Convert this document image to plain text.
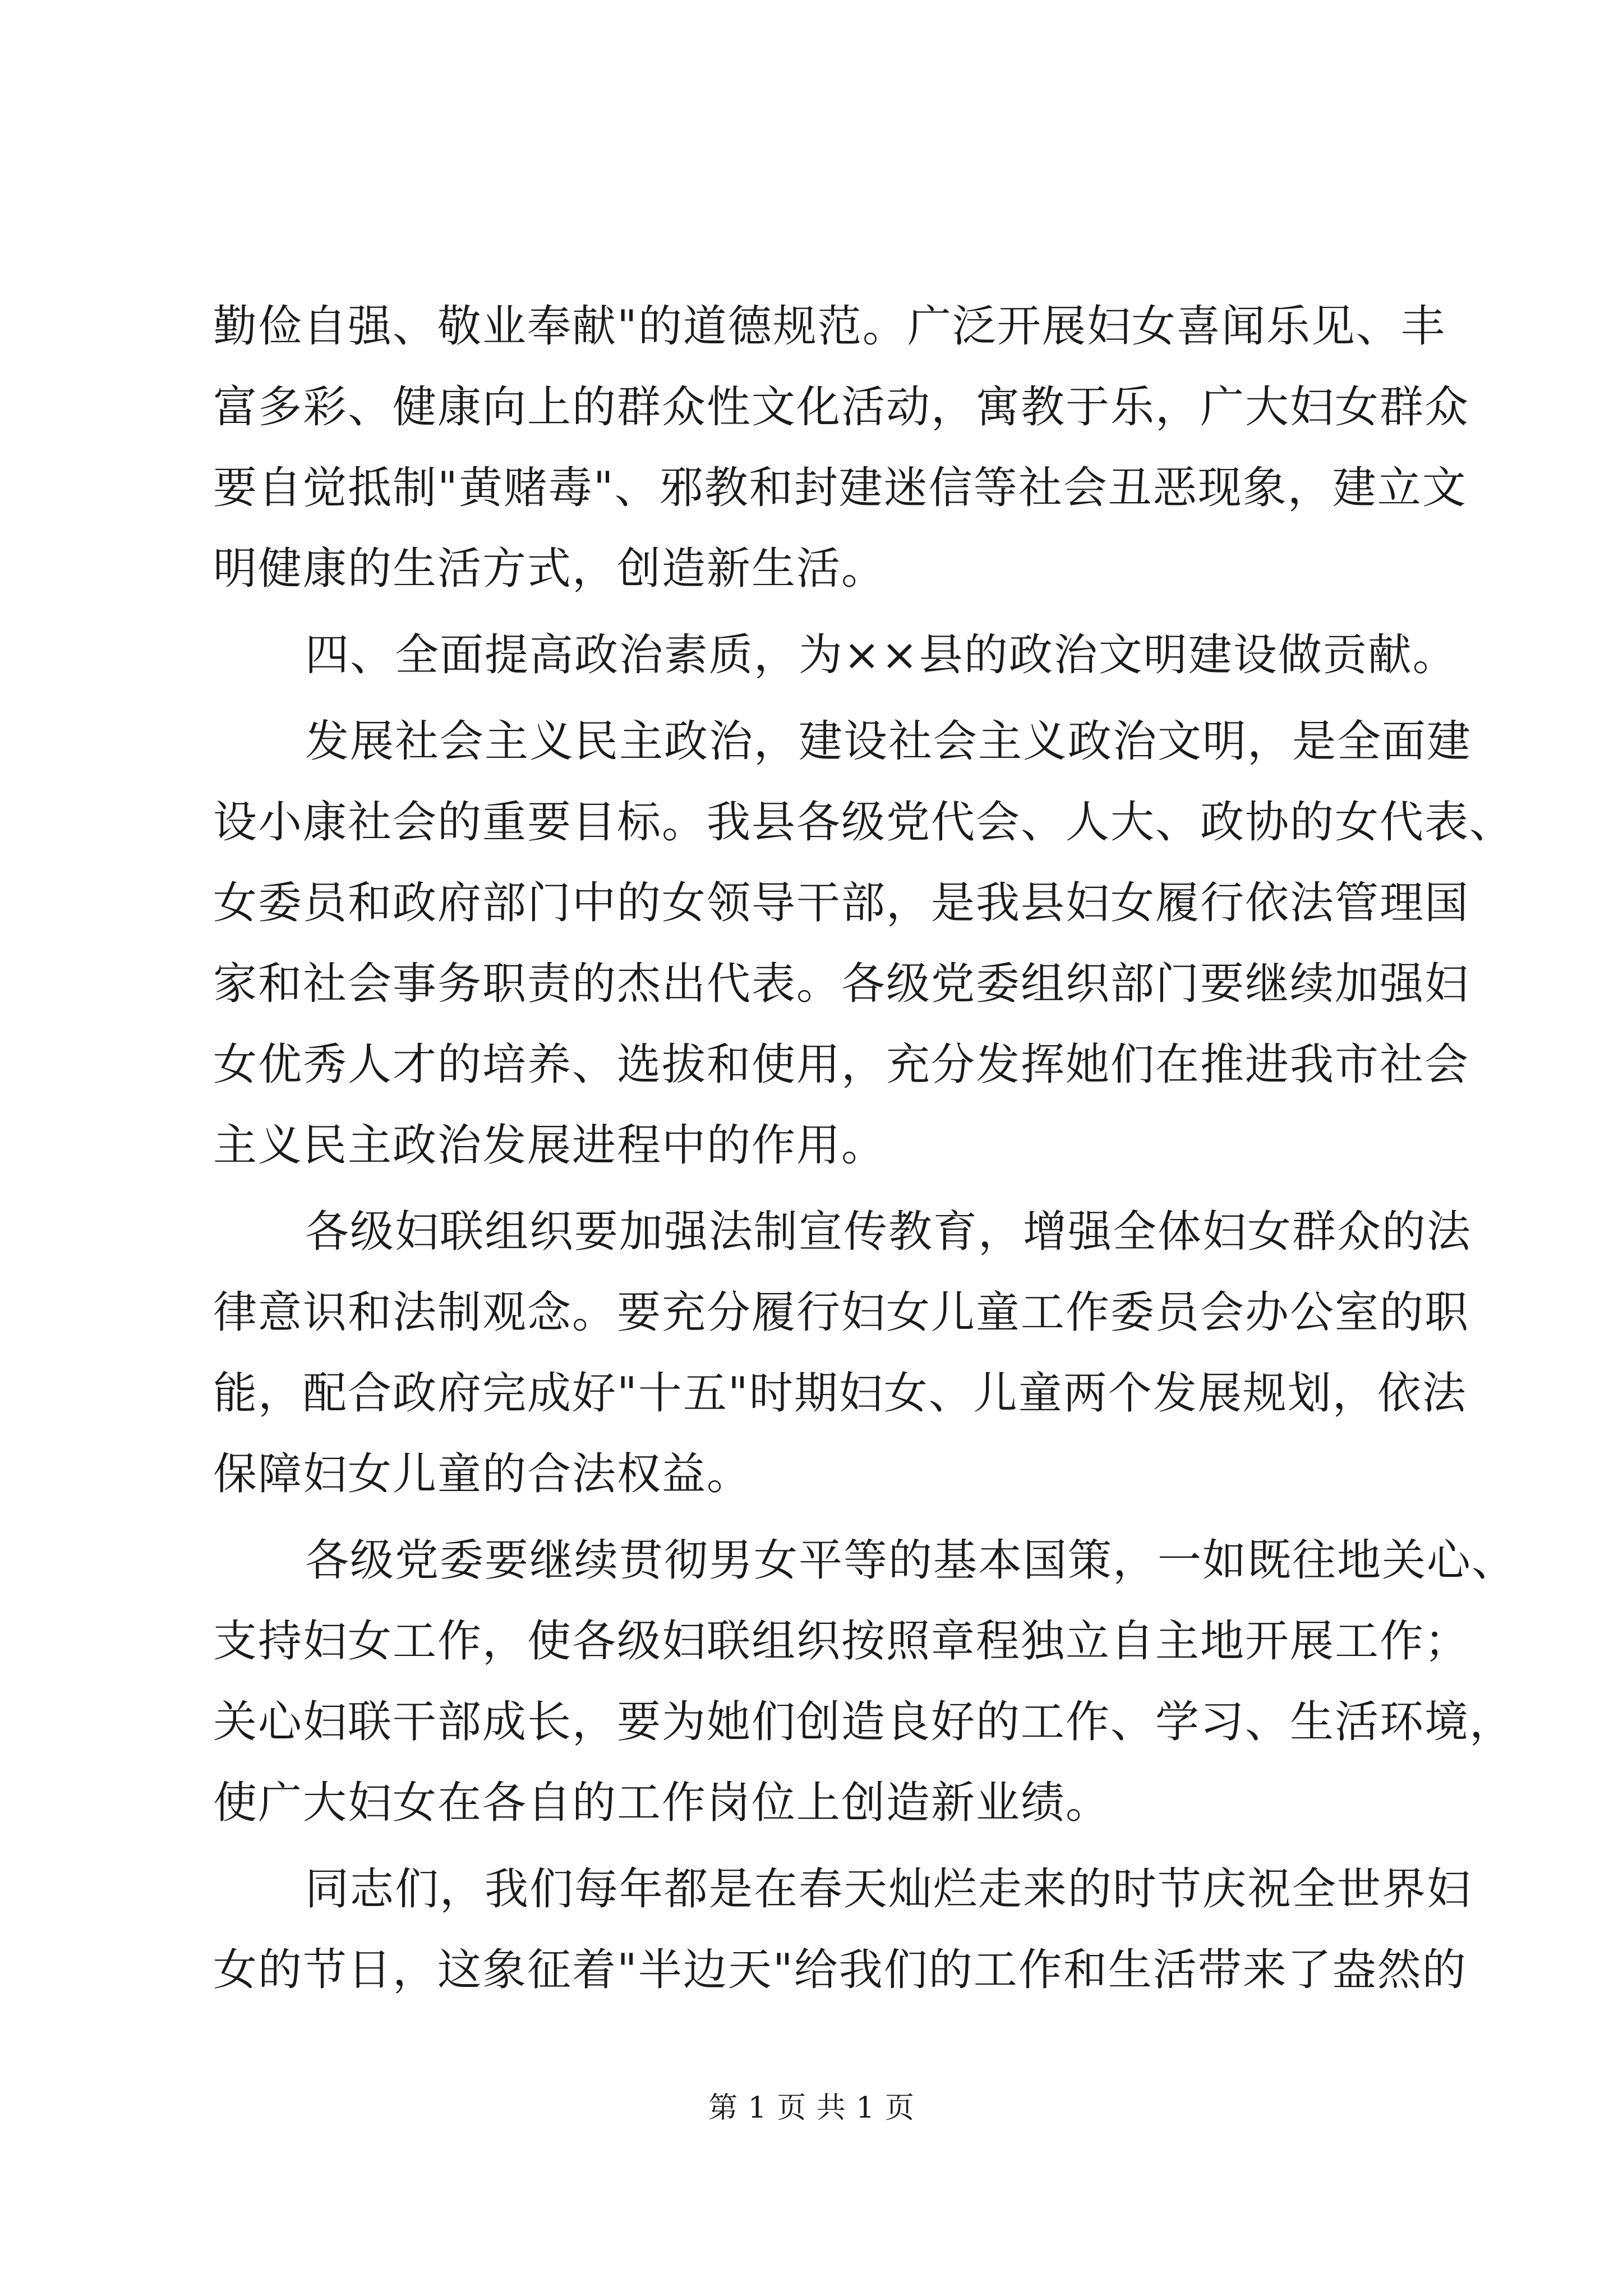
勤俭自强、敬业奉献"的道德规范。广泛开展妇女喜闻乐见、丰
富多彩、健康向上的群众性文化活动，寓教于乐，广大妇女群众
要自觉抵制"黄赌毒"、邪教和封建迷信等社会丑恶现象，建立文
明健康的生活方式，创造新生活。
四、全面提高政治素质，为××县的政治文明建设做贡献。
发展社会主义民主政治，建设社会主义政治文明，是全面建
设小康社会的重要目标。我县各级党代会、人大、政协的女代表、
女委员和政府部门中的女领导干部，是我县妇女履行依法管理国
家和社会事务职责的杰出代表。各级党委组织部门要继续加强妇
女优秀人才的培养、选拔和使用，充分发挥她们在推进我市社会
主义民主政治发展进程中的作用。
各级妇联组织要加强法制宣传教育，增强全体妇女群众的法
律意识和法制观念。要充分履行妇女儿童工作委员会办公室的职
能，配合政府完成好"十五"时期妇女、儿童两个发展规划，依法
保障妇女儿童的合法权益。
各级党委要继续贯彻男女平等的基本国策，一如既往地关心、
支持妇女工作，使各级妇联组织按照章程独立自主地开展工作；
关心妇联干部成长，要为她们创造良好的工作、学习、生活环境，
使广大妇女在各自的工作岗位上创造新业绩。
同志们，我们每年都是在春天灿烂走来的时节庆祝全世界妇
女的节日，这象征着"半边天"给我们的工作和生活带来了盎然的
第 1 页 共 1 页
